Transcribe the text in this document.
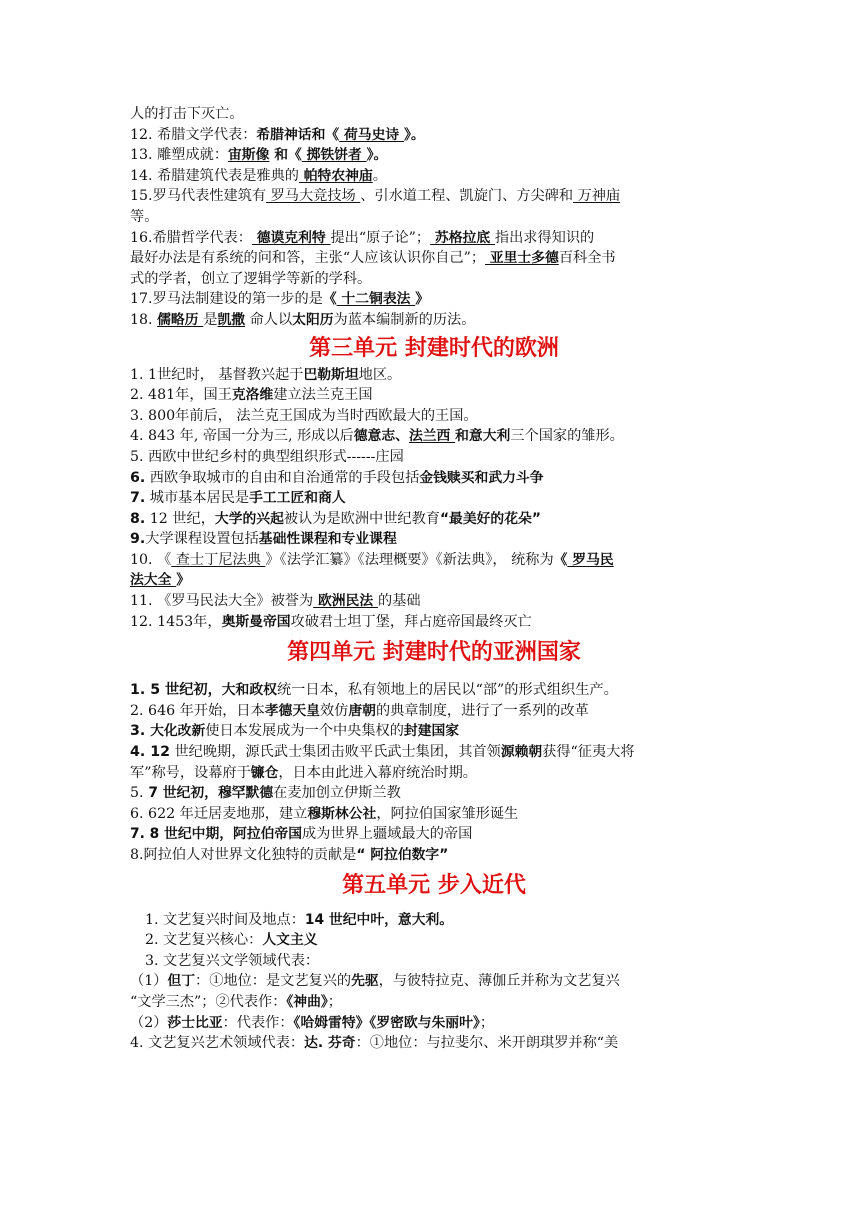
人的打击下灭亡。
12. 希腊文学代表：希腊神话和《 荷马史诗 》。
13. 雕塑成就：宙斯像 和《 掷铁饼者 》。
14. 希腊建筑代表是雅典的 帕特农神庙。
15.罗马代表性建筑有 罗马大竞技场 、引水道工程、凯旋门、方尖碑和 万神庙
等。
16.希腊哲学代表： 德谟克利特 提出“原子论”； 苏格拉底 指出求得知识的
最好办法是有系统的问和答，主张“人应该认识你自己”； 亚里士多德百科全书
式的学者，创立了逻辑学等新的学科。
17.罗马法制建设的第一步的是《 十二铜表法 》
18. 儒略历 是凯撒 命人以太阳历为蓝本编制新的历法。
第三单元 封建时代的欧洲
1. 1世纪时， 基督教兴起于巴勒斯坦地区。
2. 481年，国王克洛维建立法兰克王国
3. 800年前后， 法兰克王国成为当时西欧最大的王国。
4. 843 年, 帝国一分为三, 形成以后德意志、法兰西 和意大利三个国家的雏形。
5. 西欧中世纪乡村的典型组织形式------庄园
6. 西欧争取城市的自由和自治通常的手段包括金钱赎买和武力斗争
7. 城市基本居民是手工工匠和商人
8. 12 世纪，大学的兴起被认为是欧洲中世纪教育“最美好的花朵”
9.大学课程设置包括基础性课程和专业课程
10. 《 查士丁尼法典 》《法学汇纂》《法理概要》《新法典》， 统称为《 罗马民
法大全 》
11. 《罗马民法大全》被誉为 欧洲民法 的基础
12. 1453年，奥斯曼帝国攻破君士坦丁堡，拜占庭帝国最终灭亡
第四单元 封建时代的亚洲国家
1. 5 世纪初，大和政权统一日本，私有领地上的居民以“部”的形式组织生产。
2. 646 年开始，日本孝德天皇效仿唐朝的典章制度，进行了一系列的改革
3. 大化改新使日本发展成为一个中央集权的封建国家
4. 12 世纪晚期，源氏武士集团击败平氏武士集团，其首领源赖朝获得“征夷大将
军”称号，设幕府于镰仓，日本由此进入幕府统治时期。
5. 7 世纪初，穆罕默德在麦加创立伊斯兰教
6. 622 年迁居麦地那，建立穆斯林公社，阿拉伯国家雏形诞生
7. 8 世纪中期，阿拉伯帝国成为世界上疆域最大的帝国
8.阿拉伯人对世界文化独特的贡献是“ 阿拉伯数字”
第五单元 步入近代
1. 文艺复兴时间及地点：14 世纪中叶，意大利。
2. 文艺复兴核心：人文主义
3. 文艺复兴文学领域代表：
（1）但丁：①地位：是文艺复兴的先驱，与彼特拉克、薄伽丘并称为文艺复兴
“文学三杰”；②代表作：《神曲》；
（2）莎士比亚：代表作：《哈姆雷特》《罗密欧与朱丽叶》；
4. 文艺复兴艺术领域代表：达. 芬奇：①地位：与拉斐尔、米开朗琪罗并称“美
